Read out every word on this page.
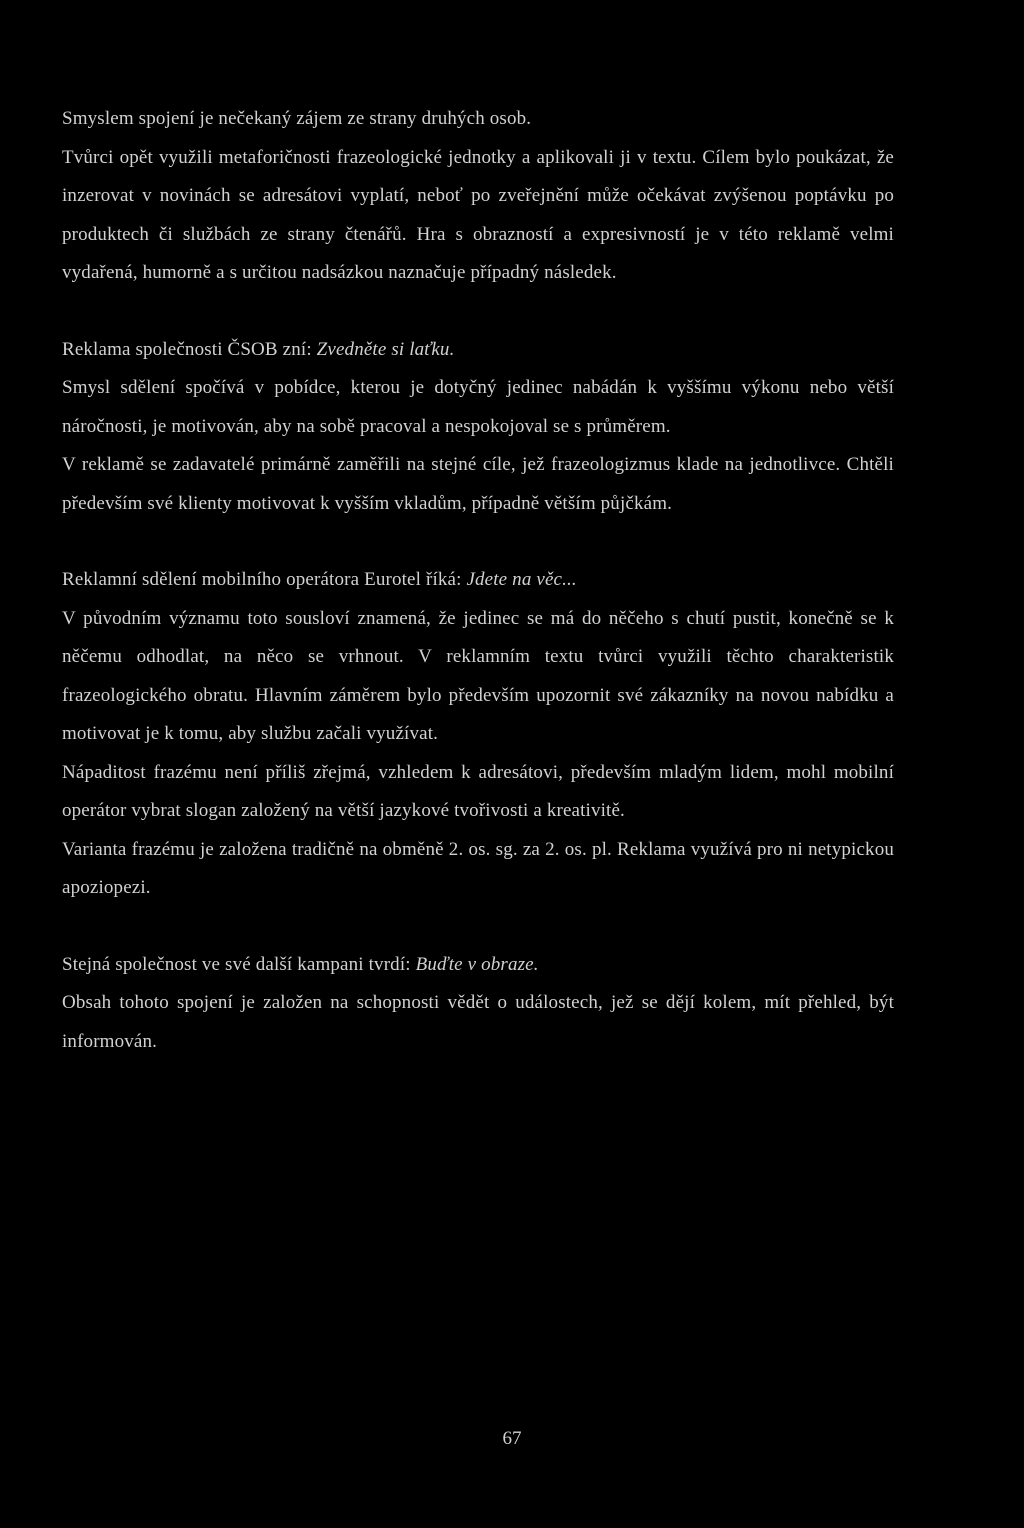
Smyslem spojení je nečekaný zájem ze strany druhých osob.

Tvůrci opět využili metaforičnosti frazeologické jednotky a aplikovali ji v textu. Cílem bylo poukázat, že inzerovat v novinách se adresátovi vyplatí, neboť po zveřejnění může očekávat zvýšenou poptávku po produktech či službách ze strany čtenářů. Hra s obrazností a expresivností je v této reklamě velmi vydařená, humorně a s určitou nadsázkou naznačuje případný následek.

Reklama společnosti ČSOB zní: Zvedněte si laťku.

Smysl sdělení spočívá v pobídce, kterou je dotyčný jedinec nabádán k vyššímu výkonu nebo větší náročnosti, je motivován, aby na sobě pracoval a nespokojoval se s průměrem.

V reklamě se zadavatelé primárně zaměřili na stejné cíle, jež frazeologizmus klade na jednotlivce. Chtěli především své klienty motivovat k vyšším vkladům, případně větším půjčkám.

Reklamní sdělení mobilního operátora Eurotel říká: Jdete na věc...

V původním významu toto sousloví znamená, že jedinec se má do něčeho s chutí pustit, konečně se k něčemu odhodlat, na něco se vrhnout. V reklamním textu tvůrci využili těchto charakteristik frazeologického obratu. Hlavním záměrem bylo především upozornit své zákazníky na novou nabídku a motivovat je k tomu, aby službu začali využívat.

Nápaditost frazému není příliš zřejmá, vzhledem k adresátovi, především mladým lidem, mohl mobilní operátor vybrat slogan založený na větší jazykové tvořivosti a kreativitě.

Varianta frazému je založena tradičně na obměně 2. os. sg. za 2. os. pl. Reklama využívá pro ni netypickou apoziopezi.

Stejná společnost ve své další kampani tvrdí: Buďte v obraze.

Obsah tohoto spojení je založen na schopnosti vědět o událostech, jež se dějí kolem, mít přehled, být informován.

67
